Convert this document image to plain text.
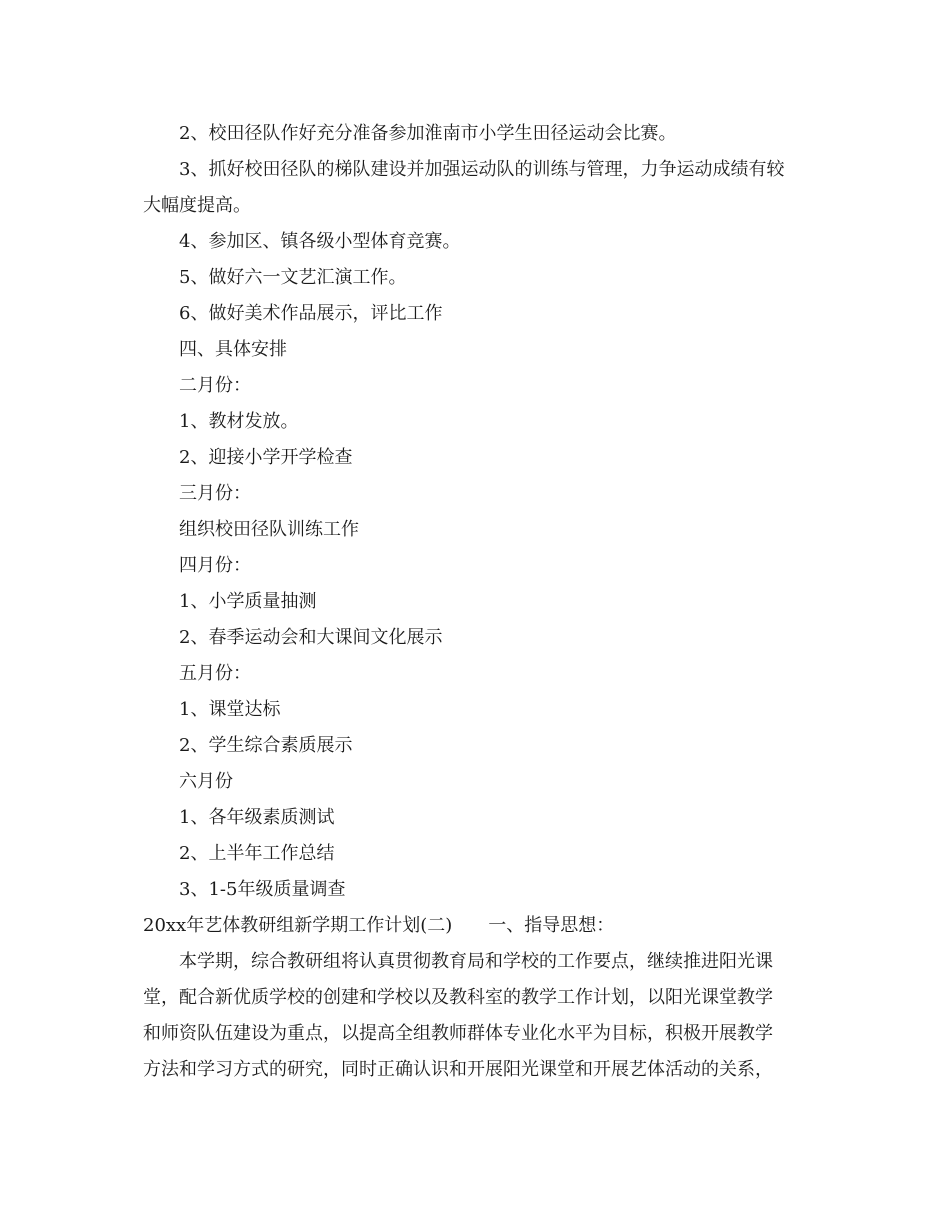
2、校田径队作好充分准备参加淮南市小学生田径运动会比赛。
3、抓好校田径队的梯队建设并加强运动队的训练与管理，力争运动成绩有较
大幅度提高。
4、参加区、镇各级小型体育竞赛。
5、做好六一文艺汇演工作。
6、做好美术作品展示，评比工作
四、具体安排
二月份：
1、教材发放。
2、迎接小学开学检查
三月份：
组织校田径队训练工作
四月份：
1、小学质量抽测
2、春季运动会和大课间文化展示
五月份：
1、课堂达标
2、学生综合素质展示
六月份
1、各年级素质测试
2、上半年工作总结
3、1-5年级质量调查
20xx年艺体教研组新学期工作计划(二) 一、指导思想：
本学期，综合教研组将认真贯彻教育局和学校的工作要点，继续推进阳光课
堂，配合新优质学校的创建和学校以及教科室的教学工作计划，以阳光课堂教学
和师资队伍建设为重点，以提高全组教师群体专业化水平为目标，积极开展教学
方法和学习方式的研究，同时正确认识和开展阳光课堂和开展艺体活动的关系，
